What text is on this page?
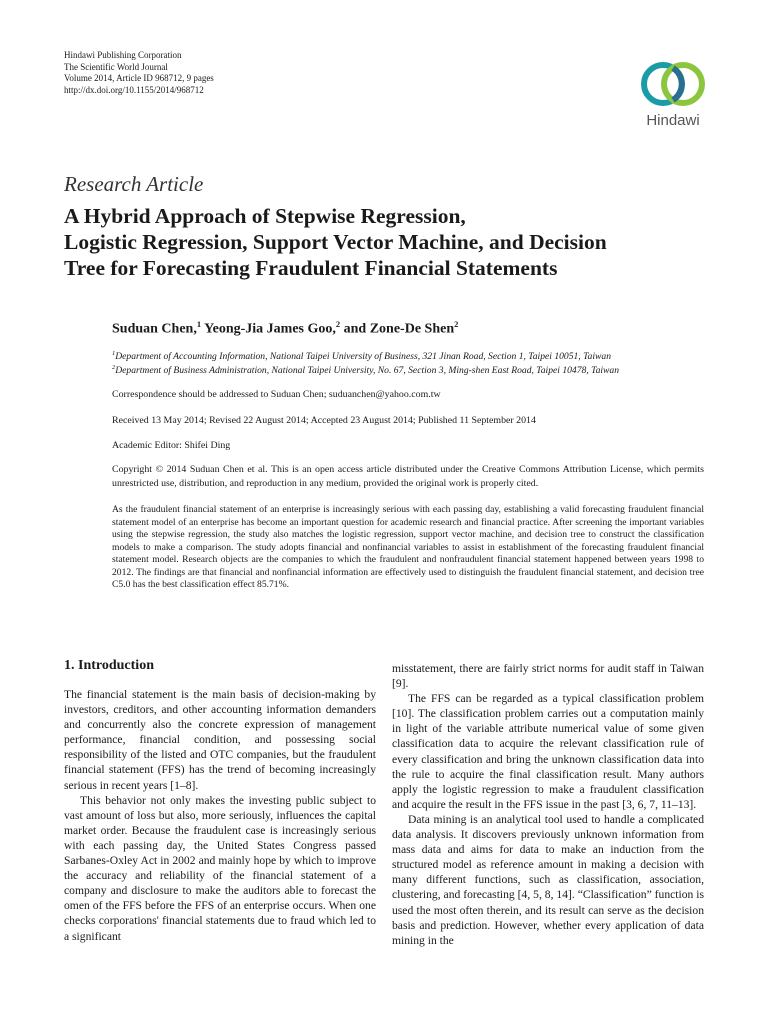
Hindawi Publishing Corporation
The Scientific World Journal
Volume 2014, Article ID 968712, 9 pages
http://dx.doi.org/10.1155/2014/968712
Hindawi
Research Article
A Hybrid Approach of Stepwise Regression,
Logistic Regression, Support Vector Machine, and Decision
Tree for Forecasting Fraudulent Financial Statements
Suduan Chen,$^1$ Yeong-Jia James Goo,$^2$ and Zone-De Shen$^2$
$^1$Department of Accounting Information, National Taipei University of Business, 321 Jinan Road, Section 1, Taipei 10051, Taiwan
$^2$Department of Business Administration, National Taipei University, No. 67, Section 3, Ming-shen East Road, Taipei 10478, Taiwan
Correspondence should be addressed to Suduan Chen; suduanchen@yahoo.com.tw
Received 13 May 2014; Revised 22 August 2014; Accepted 23 August 2014; Published 11 September 2014
Academic Editor: Shifei Ding
Copyright © 2014 Suduan Chen et al. This is an open access article distributed under the Creative Commons Attribution License, which permits unrestricted use, distribution, and reproduction in any medium, provided the original work is properly cited.
As the fraudulent financial statement of an enterprise is increasingly serious with each passing day, establishing a valid forecasting fraudulent financial statement model of an enterprise has become an important question for academic research and financial practice. After screening the important variables using the stepwise regression, the study also matches the logistic regression, support vector machine, and decision tree to construct the classification models to make a comparison. The study adopts financial and nonfinancial variables to assist in establishment of the forecasting fraudulent financial statement model. Research objects are the companies to which the fraudulent and nonfraudulent financial statement happened between years 1998 to 2012. The findings are that financial and nonfinancial information are effectively used to distinguish the fraudulent financial statement, and decision tree C5.0 has the best classification effect 85.71%.
1. Introduction

The financial statement is the main basis of decision-making by investors, creditors, and other accounting information demanders and concurrently also the concrete expression of management performance, financial condition, and possessing social responsibility of the listed and OTC companies, but the fraudulent financial statement (FFS) has the trend of becoming increasingly serious in recent years [1–8].

This behavior not only makes the investing public subject to vast amount of loss but also, more seriously, influences the capital market order. Because the fraudulent case is increasingly serious with each passing day, the United States Congress passed Sarbanes-Oxley Act in 2002 and mainly hope by which to improve the accuracy and reliability of the financial statement of a company and disclosure to make the auditors able to forecast the omen of the FFS before the FFS of an enterprise occurs. When one checks corporations' financial statements due to fraud which led to a significant

misstatement, there are fairly strict norms for audit staff in Taiwan [9].

The FFS can be regarded as a typical classification problem [10]. The classification problem carries out a computation mainly in light of the variable attribute numerical value of some given classification data to acquire the relevant classification rule of every classification and bring the unknown classification data into the rule to acquire the final classification result. Many authors apply the logistic regression to make a fraudulent classification and acquire the result in the FFS issue in the past [3, 6, 7, 11–13].

Data mining is an analytical tool used to handle a complicated data analysis. It discovers previously unknown information from mass data and aims for data to make an induction from the structured model as reference amount in making a decision with many different functions, such as classification, association, clustering, and forecasting [4, 5, 8, 14]. “Classification” function is used the most often therein, and its result can serve as the decision basis and prediction. However, whether every application of data mining in the
